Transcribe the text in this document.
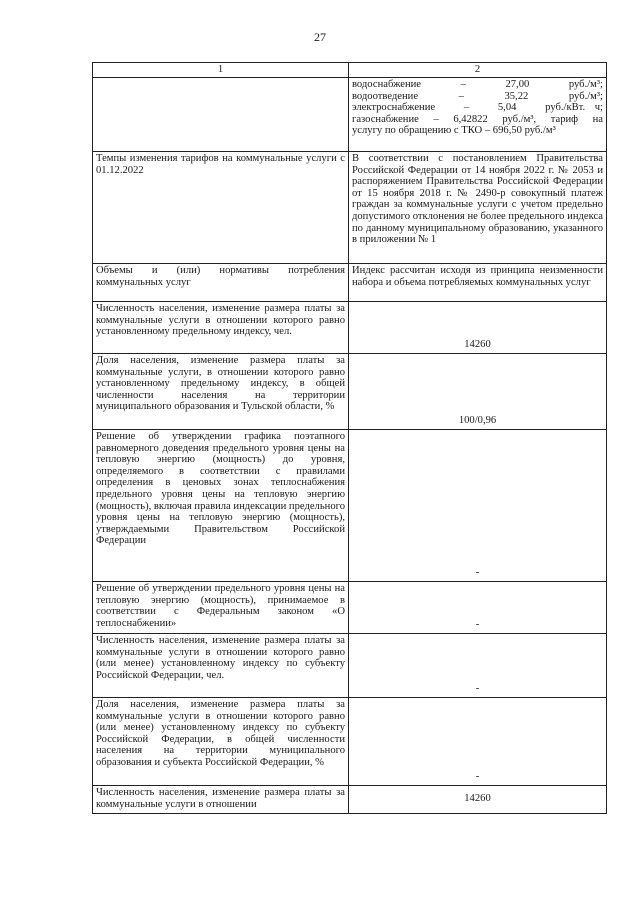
27
1	2

	водоснабжение     –     27,00     руб./м³;
водоотведение     –     35,22     руб./м³;
электроснабжение   –   5,04   руб./кВт. ч;
газоснабжение – 6,42822 руб./м³, тариф на
услугу по обращению с ТКО – 696,50 руб./м³

Темпы изменения тарифов на коммунальные услуги с 01.12.2022	В соответствии с постановлением Правительства Российской Федерации от 14 ноября 2022 г. № 2053 и распоряжением Правительства Российской Федерации от 15 ноября 2018 г. № 2490-р совокупный платеж граждан за коммунальные услуги с учетом предельно допустимого отклонения не более предельного индекса по данному муниципальному образованию, указанного в приложении № 1
Объемы и (или) нормативы потребления коммунальных услуг	Индекс рассчитан исходя из принципа неизменности набора и объема потребляемых коммунальных услуг
Численность населения, изменение размера платы за коммунальные услуги в отношении которого равно установленному предельному индексу, чел.	14260
Доля населения, изменение размера платы за коммунальные услуги, в отношении которого равно установленному предельному индексу, в общей численности населения на территории муниципального образования и Тульской области, %	100/0,96
Решение об утверждении графика поэтапного равномерного доведения предельного уровня цены на тепловую энергию (мощность) до уровня, определяемого в соответствии с правилами определения в ценовых зонах теплоснабжения предельного уровня цены на тепловую энергию (мощность), включая правила индексации предельного уровня цены на тепловую энергию (мощность), утверждаемыми Правительством Российской Федерации	-
Решение об утверждении предельного уровня цены на тепловую энергию (мощность), принимаемое в соответствии с Федеральным законом «О теплоснабжении»	-
Численность населения, изменение размера платы за коммунальные услуги в отношении которого равно (или менее) установленному индексу по субъекту Российской Федерации, чел.	-
Доля населения, изменение размера платы за коммунальные услуги в отношении которого равно (или менее) установленному индексу по субъекту Российской Федерации, в общей численности населения на территории муниципального образования и субъекта Российской Федерации, %	-
Численность населения, изменение размера платы за коммунальные услуги в отношении	14260
